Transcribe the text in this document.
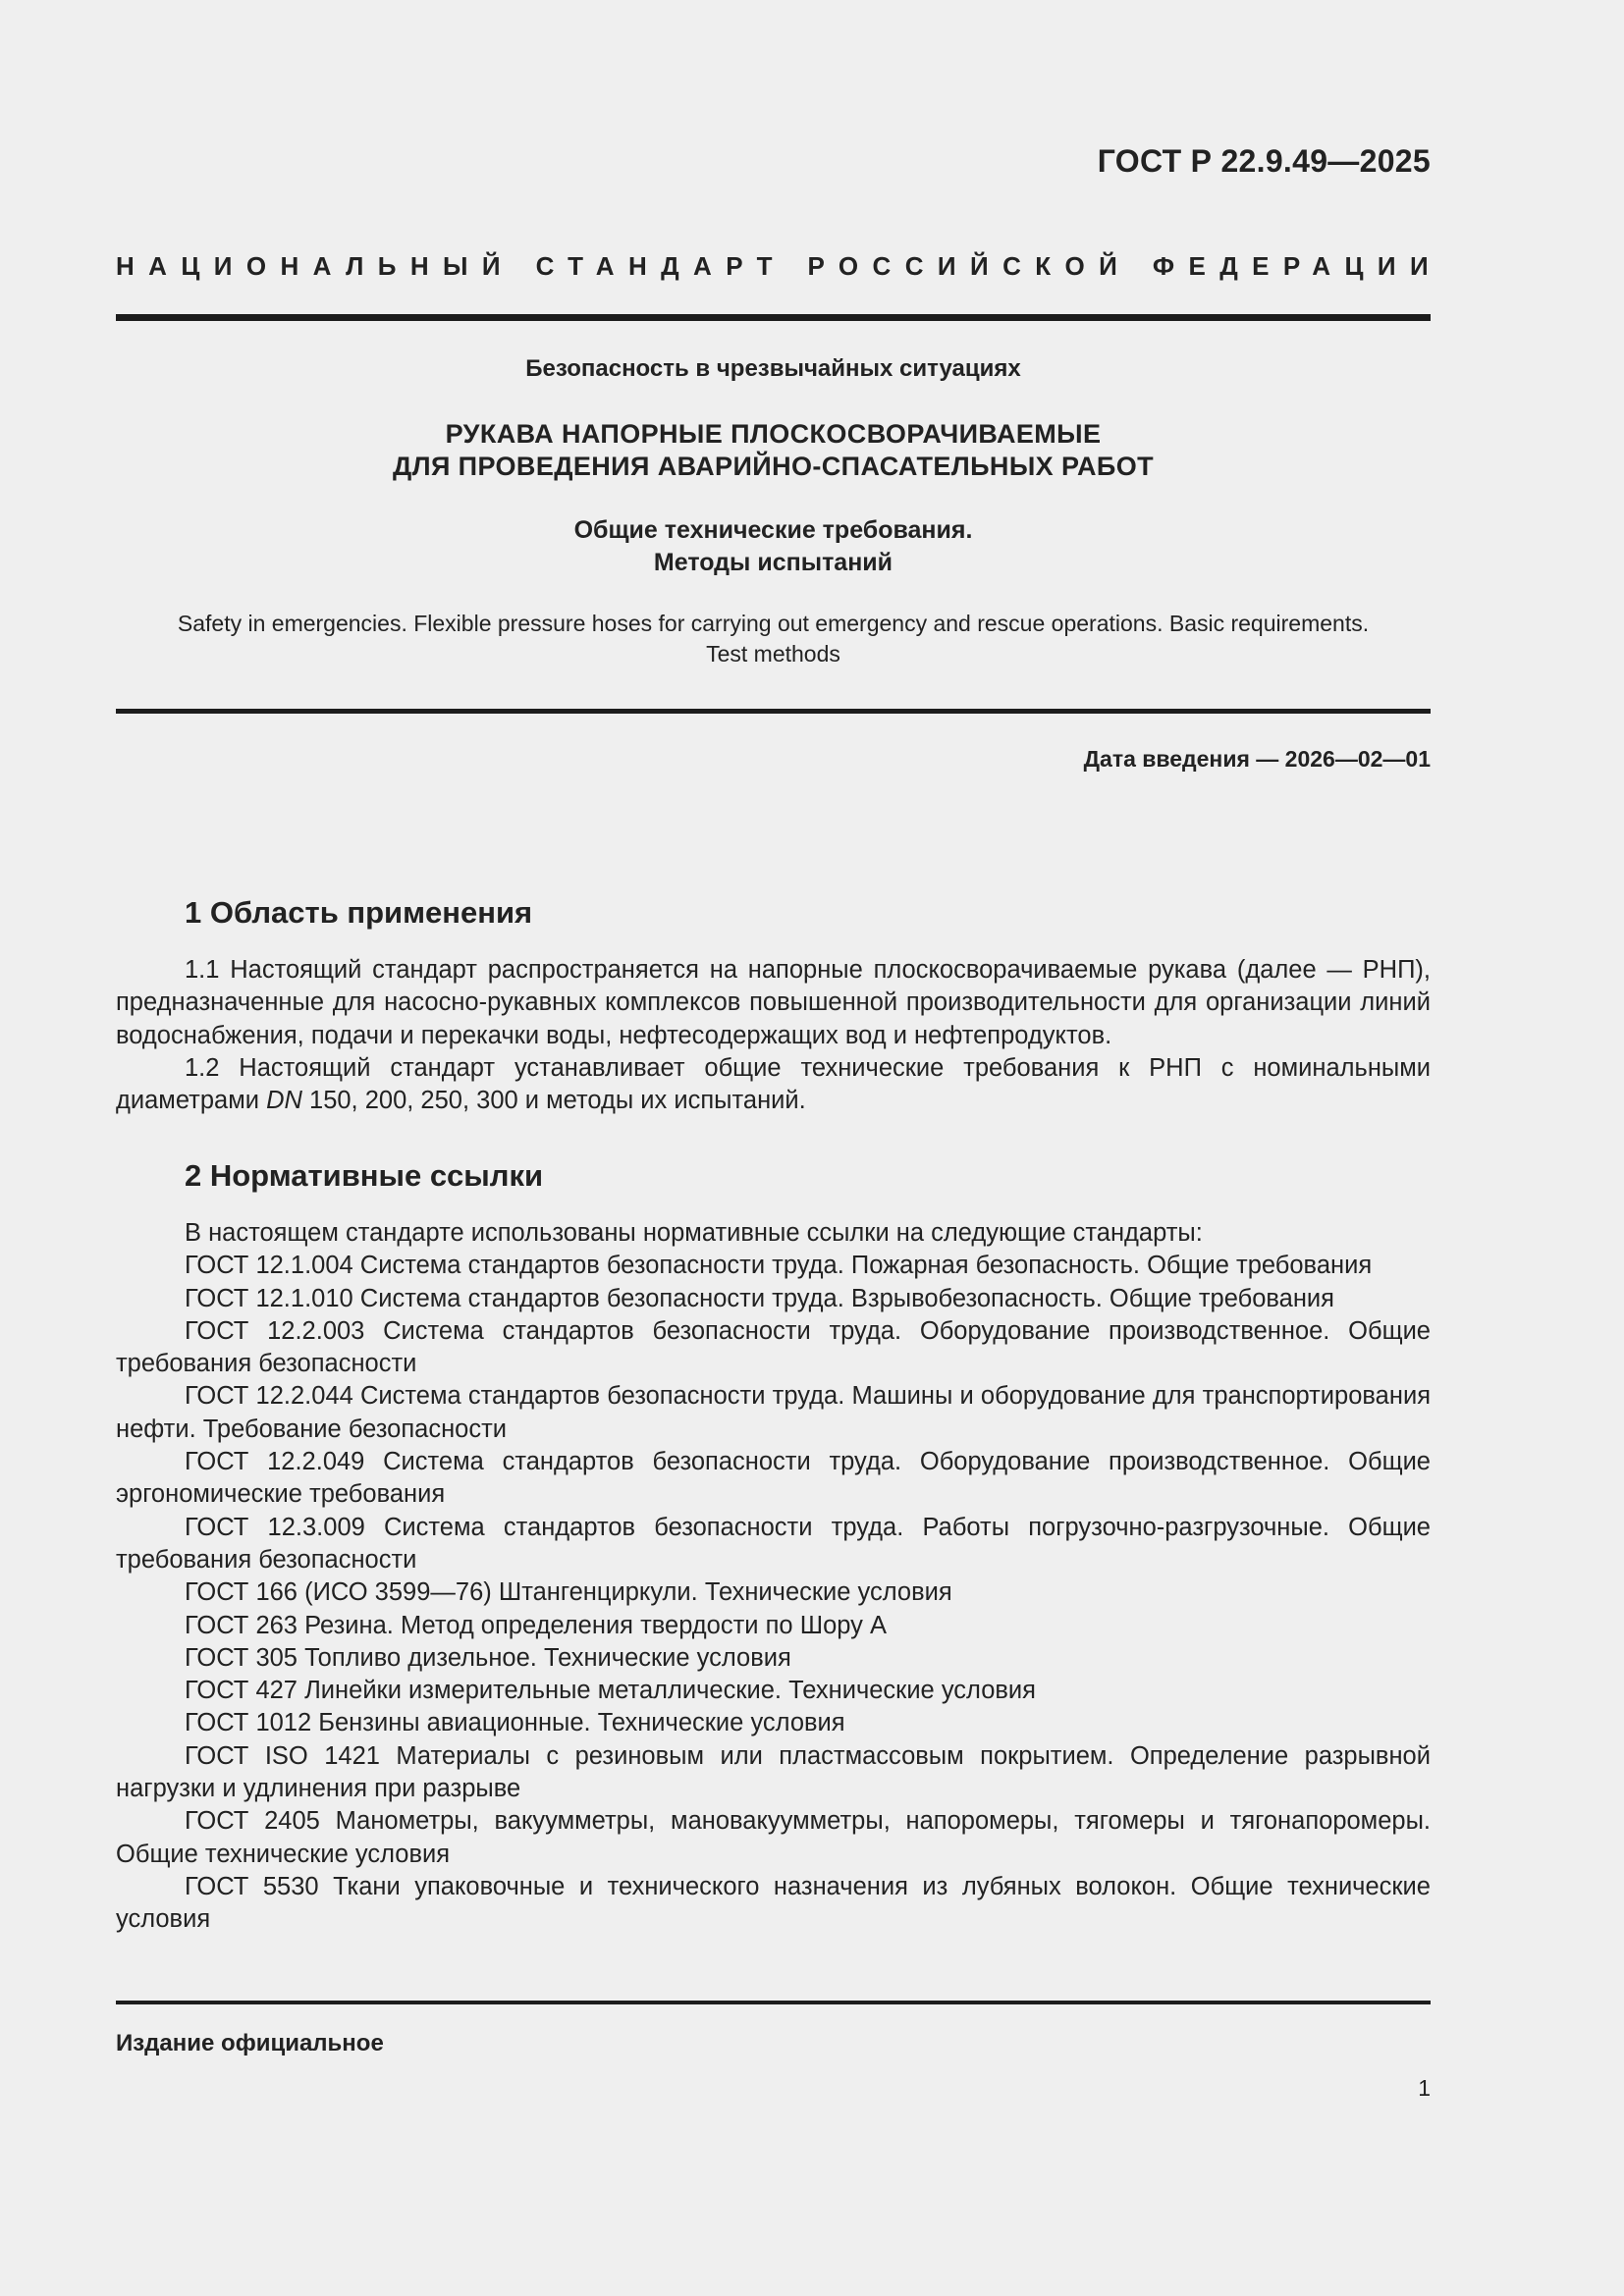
ГОСТ Р 22.9.49—2025
НАЦИОНАЛЬНЫЙ СТАНДАРТ РОССИЙСКОЙ ФЕДЕРАЦИИ
Безопасность в чрезвычайных ситуациях
РУКАВА НАПОРНЫЕ ПЛОСКОСВОРАЧИВАЕМЫЕ
ДЛЯ ПРОВЕДЕНИЯ АВАРИЙНО-СПАСАТЕЛЬНЫХ РАБОТ
Общие технические требования.
Методы испытаний
Safety in emergencies. Flexible pressure hoses for carrying out emergency and rescue operations. Basic requirements.
Test methods
Дата введения — 2026—02—01
1 Область применения

1.1 Настоящий стандарт распространяется на напорные плоскосворачиваемые рукава (далее — РНП), предназначенные для насосно-рукавных комплексов повышенной производительности для организации линий водоснабжения, подачи и перекачки воды, нефтесодержащих вод и нефтепродуктов.

1.2 Настоящий стандарт устанавливает общие технические требования к РНП с номинальными диаметрами DN 150, 200, 250, 300 и методы их испытаний.

2 Нормативные ссылки

В настоящем стандарте использованы нормативные ссылки на следующие стандарты:

ГОСТ 12.1.004 Система стандартов безопасности труда. Пожарная безопасность. Общие требования

ГОСТ 12.1.010 Система стандартов безопасности труда. Взрывобезопасность. Общие требования

ГОСТ 12.2.003 Система стандартов безопасности труда. Оборудование производственное. Общие требования безопасности

ГОСТ 12.2.044 Система стандартов безопасности труда. Машины и оборудование для транспортирования нефти. Требование безопасности

ГОСТ 12.2.049 Система стандартов безопасности труда. Оборудование производственное. Общие эргономические требования

ГОСТ 12.3.009 Система стандартов безопасности труда. Работы погрузочно-разгрузочные. Общие требования безопасности

ГОСТ 166 (ИСО 3599—76) Штангенциркули. Технические условия

ГОСТ 263 Резина. Метод определения твердости по Шору А

ГОСТ 305 Топливо дизельное. Технические условия

ГОСТ 427 Линейки измерительные металлические. Технические условия

ГОСТ 1012 Бензины авиационные. Технические условия

ГОСТ ISO 1421 Материалы с резиновым или пластмассовым покрытием. Определение разрывной нагрузки и удлинения при разрыве

ГОСТ 2405 Манометры, вакуумметры, мановакуумметры, напоромеры, тягомеры и тягонапоромеры. Общие технические условия

ГОСТ 5530 Ткани упаковочные и технического назначения из лубяных волокон. Общие технические условия

Издание официальное
1
